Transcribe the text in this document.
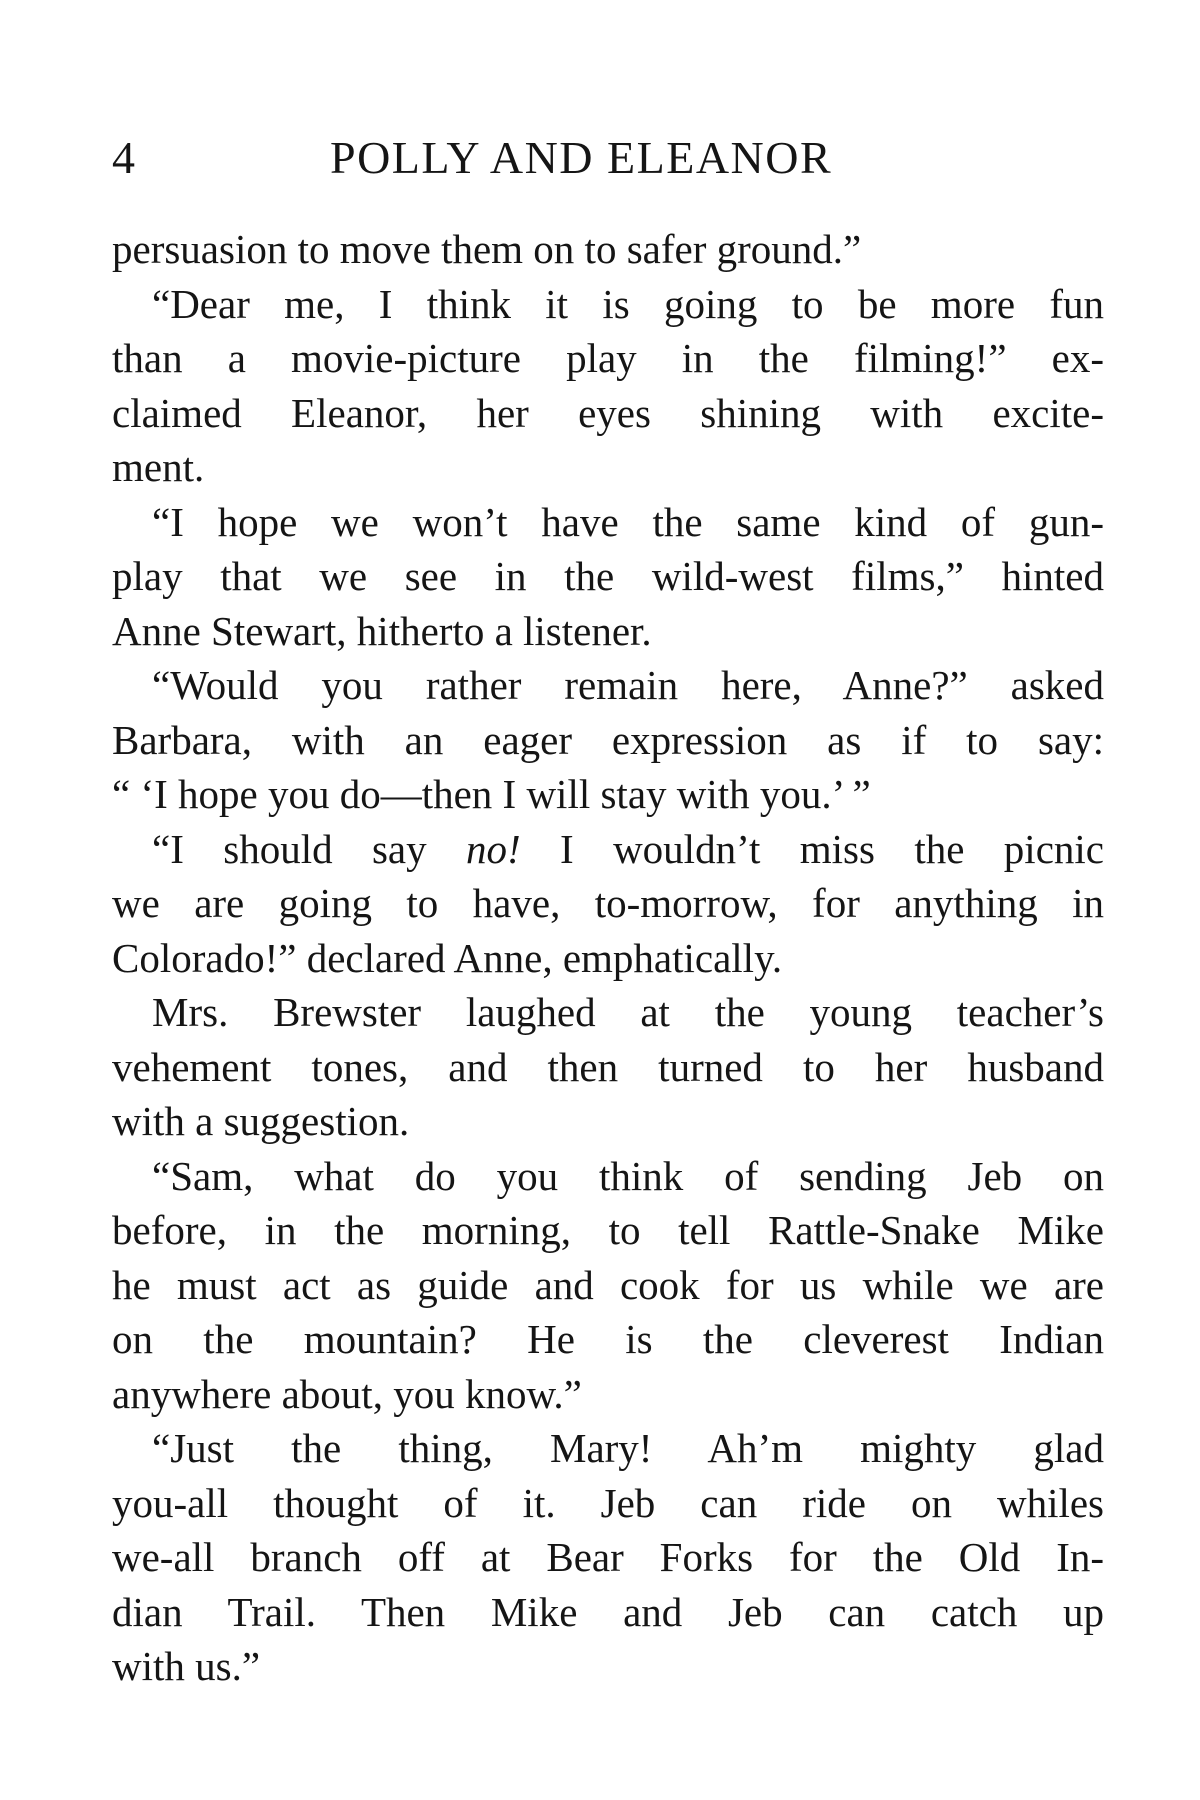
4	POLLY AND ELEANOR
persuasion to move them on to safer ground.”
“Dear me, I think it is going to be more fun
than a movie-picture play in the filming!” ex-
claimed Eleanor, her eyes shining with excite-
ment.
“I hope we won’t have the same kind of gun-
play that we see in the wild-west films,” hinted
Anne Stewart, hitherto a listener.
“Would you rather remain here, Anne?” asked
Barbara, with an eager expression as if to say:
“ ‘I hope you do—then I will stay with you.’ ”
“I should say no! I wouldn’t miss the picnic
we are going to have, to-morrow, for anything in
Colorado!” declared Anne, emphatically.
Mrs. Brewster laughed at the young teacher’s
vehement tones, and then turned to her husband
with a suggestion.
“Sam, what do you think of sending Jeb on
before, in the morning, to tell Rattle-Snake Mike
he must act as guide and cook for us while we are
on the mountain? He is the cleverest Indian
anywhere about, you know.”
“Just the thing, Mary! Ah’m mighty glad
you-all thought of it. Jeb can ride on whiles
we-all branch off at Bear Forks for the Old In-
dian Trail. Then Mike and Jeb can catch up
with us.”
